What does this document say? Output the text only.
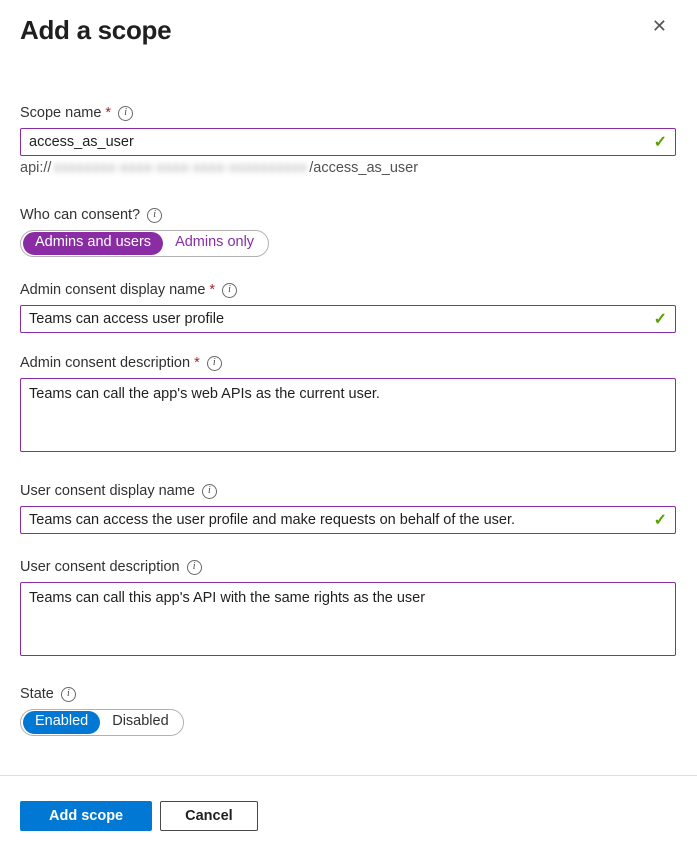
✕
Add a scope
Scope name *	i
access_as_user
✓
api:// xxxxxxxx-xxxx-xxxx-xxxx-xxxxxxxxxx /access_as_user
Who can consent?	i
Admins and users	Admins only
Admin consent display name *	i
Teams can access user profile
✓
Admin consent description *	i
Teams can call the app's web APIs as the current user.
User consent display name	i
Teams can access the user profile and make requests on behalf of the user.
✓
User consent description	i
Teams can call this app's API with the same rights as the user
State	i
Enabled	Disabled
Add scope	Cancel
